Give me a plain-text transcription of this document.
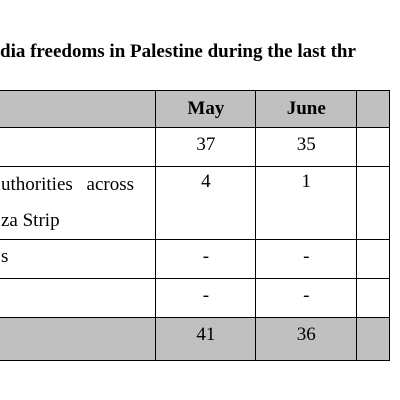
dia freedoms in Palestine during the last thr
	May	June	
	37	35	

uthorities across
za Strip	4	1	
s	-	-	
	-	-	
	41	36	
